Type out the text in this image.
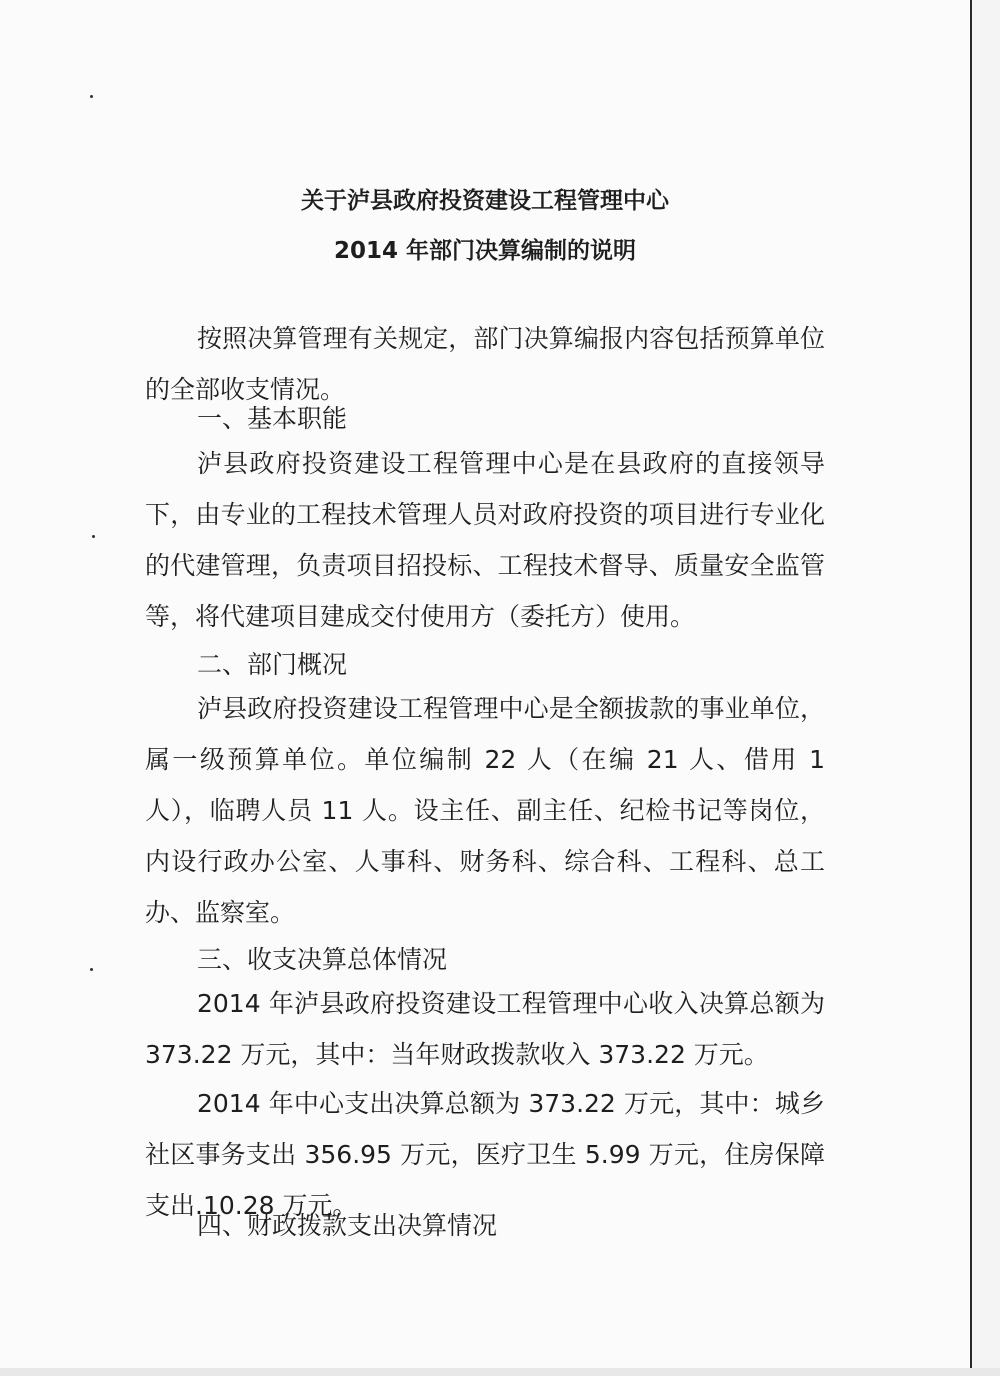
关于泸县政府投资建设工程管理中心
2014 年部门决算编制的说明

按照决算管理有关规定，部门决算编报内容包括预算单位的全部收支情况。

一、基本职能

泸县政府投资建设工程管理中心是在县政府的直接领导下，由专业的工程技术管理人员对政府投资的项目进行专业化的代建管理，负责项目招投标、工程技术督导、质量安全监管等，将代建项目建成交付使用方（委托方）使用。

二、部门概况

泸县政府投资建设工程管理中心是全额拔款的事业单位，属一级预算单位。单位编制 22 人（在编 21 人、借用 1 人），临聘人员 11 人。设主任、副主任、纪检书记等岗位，内设行政办公室、人事科、财务科、综合科、工程科、总工办、监察室。

三、收支决算总体情况

2014 年泸县政府投资建设工程管理中心收入决算总额为 373.22 万元，其中：当年财政拨款收入 373.22 万元。

2014 年中心支出决算总额为 373.22 万元，其中：城乡社区事务支出 356.95 万元，医疗卫生 5.99 万元，住房保障支出.10.28 万元。

四、财政拨款支出决算情况
